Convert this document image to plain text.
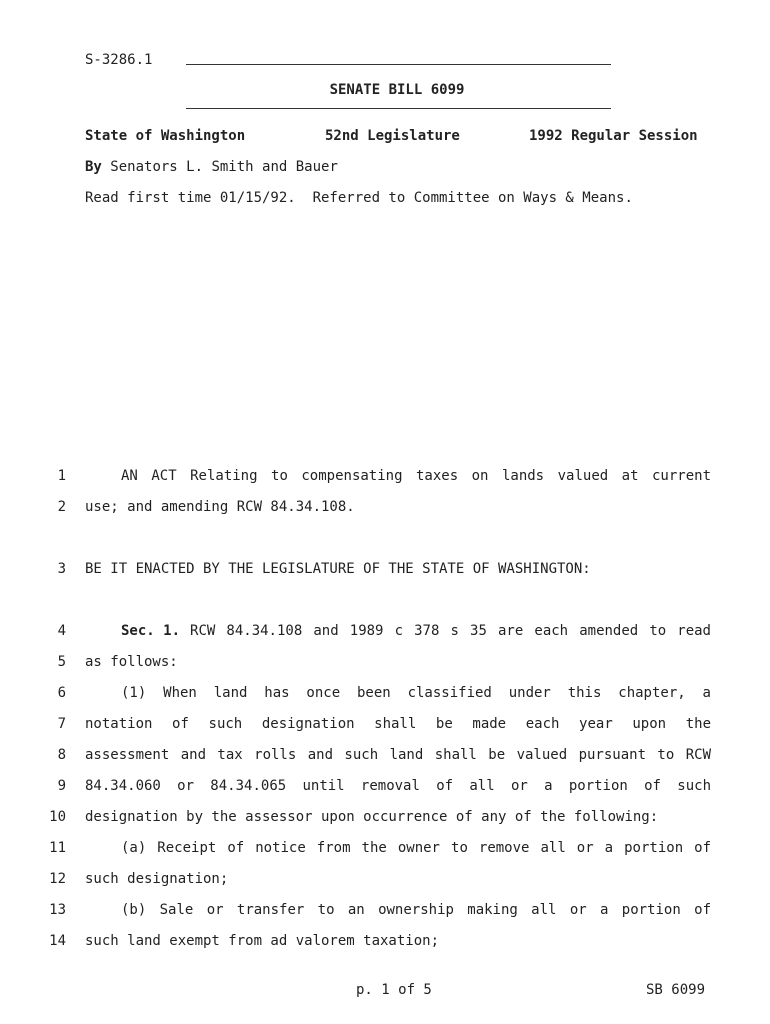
S-3286.1
SENATE BILL 6099
State of Washington	52nd Legislature	1992 Regular Session
By Senators L. Smith and Bauer
Read first time 01/15/92.  Referred to Committee on Ways & Means.
1	AN ACT Relating to compensating taxes on lands valued at current
2 use; and amending RCW 84.34.108.
3 BE IT ENACTED BY THE LEGISLATURE OF THE STATE OF WASHINGTON:
4	Sec. 1. RCW 84.34.108 and 1989 c 378 s 35 are each amended to read
5 as follows:
6	(1) When land has once been classified under this chapter, a
7 notation of such designation shall be made each year upon the
8 assessment and tax rolls and such land shall be valued pursuant to RCW
9 84.34.060 or 84.34.065 until removal of all or a portion of such
10 designation by the assessor upon occurrence of any of the following:
11	(a) Receipt of notice from the owner to remove all or a portion of
12 such designation;
13	(b) Sale or transfer to an ownership making all or a portion of
14 such land exempt from ad valorem taxation;
p. 1 of 5	SB 6099
